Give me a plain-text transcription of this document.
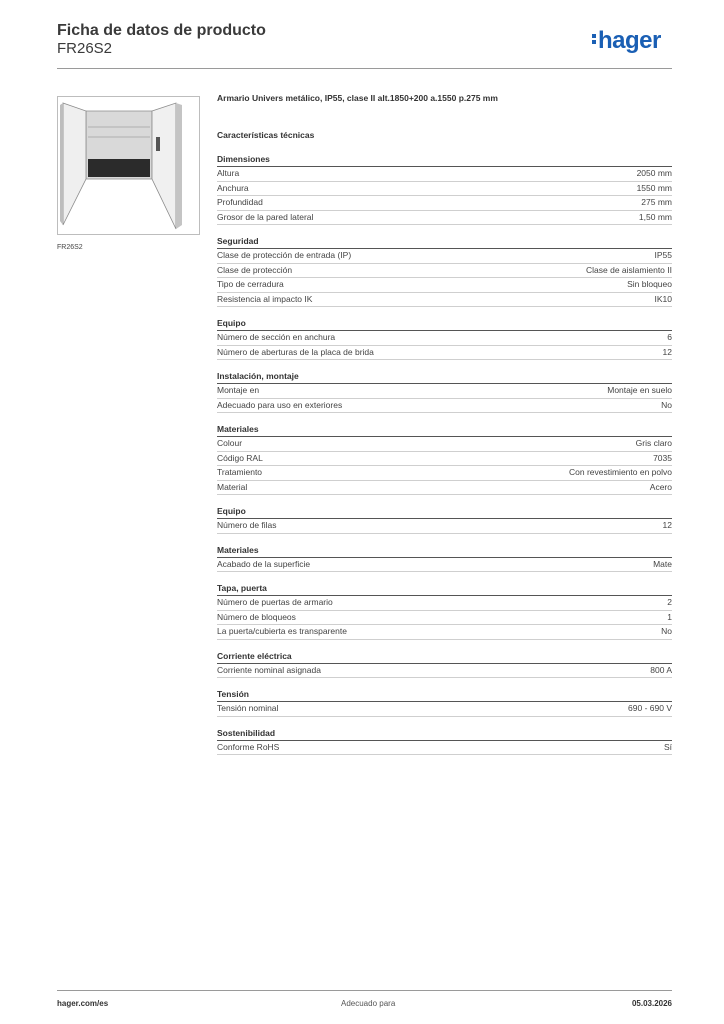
Ficha de datos de producto
FR26S2	hager
FR26S2
Armario Univers metálico, IP55, clase II alt.1850+200 a.1550 p.275 mm
Características técnicas
Dimensiones
Altura	2050 mm
Anchura	1550 mm
Profundidad	275 mm
Grosor de la pared lateral	1,50 mm
Seguridad
Clase de protección de entrada (IP)	IP55
Clase de protección	Clase de aislamiento II
Tipo de cerradura	Sin bloqueo
Resistencia al impacto IK	IK10
Equipo
Número de sección en anchura	6
Número de aberturas de la placa de brida	12
Instalación, montaje
Montaje en	Montaje en suelo
Adecuado para uso en exteriores	No
Materiales
Colour	Gris claro
Código RAL	7035
Tratamiento	Con revestimiento en polvo
Material	Acero
Equipo
Número de filas	12
Materiales
Acabado de la superficie	Mate
Tapa, puerta
Número de puertas de armario	2
Número de bloqueos	1
La puerta/cubierta es transparente	No
Corriente eléctrica
Corriente nominal asignada	800 A
Tensión
Tensión nominal	690 - 690 V
Sostenibilidad
Conforme RoHS	Sí
hager.com/es	Adecuado para	05.03.2026
